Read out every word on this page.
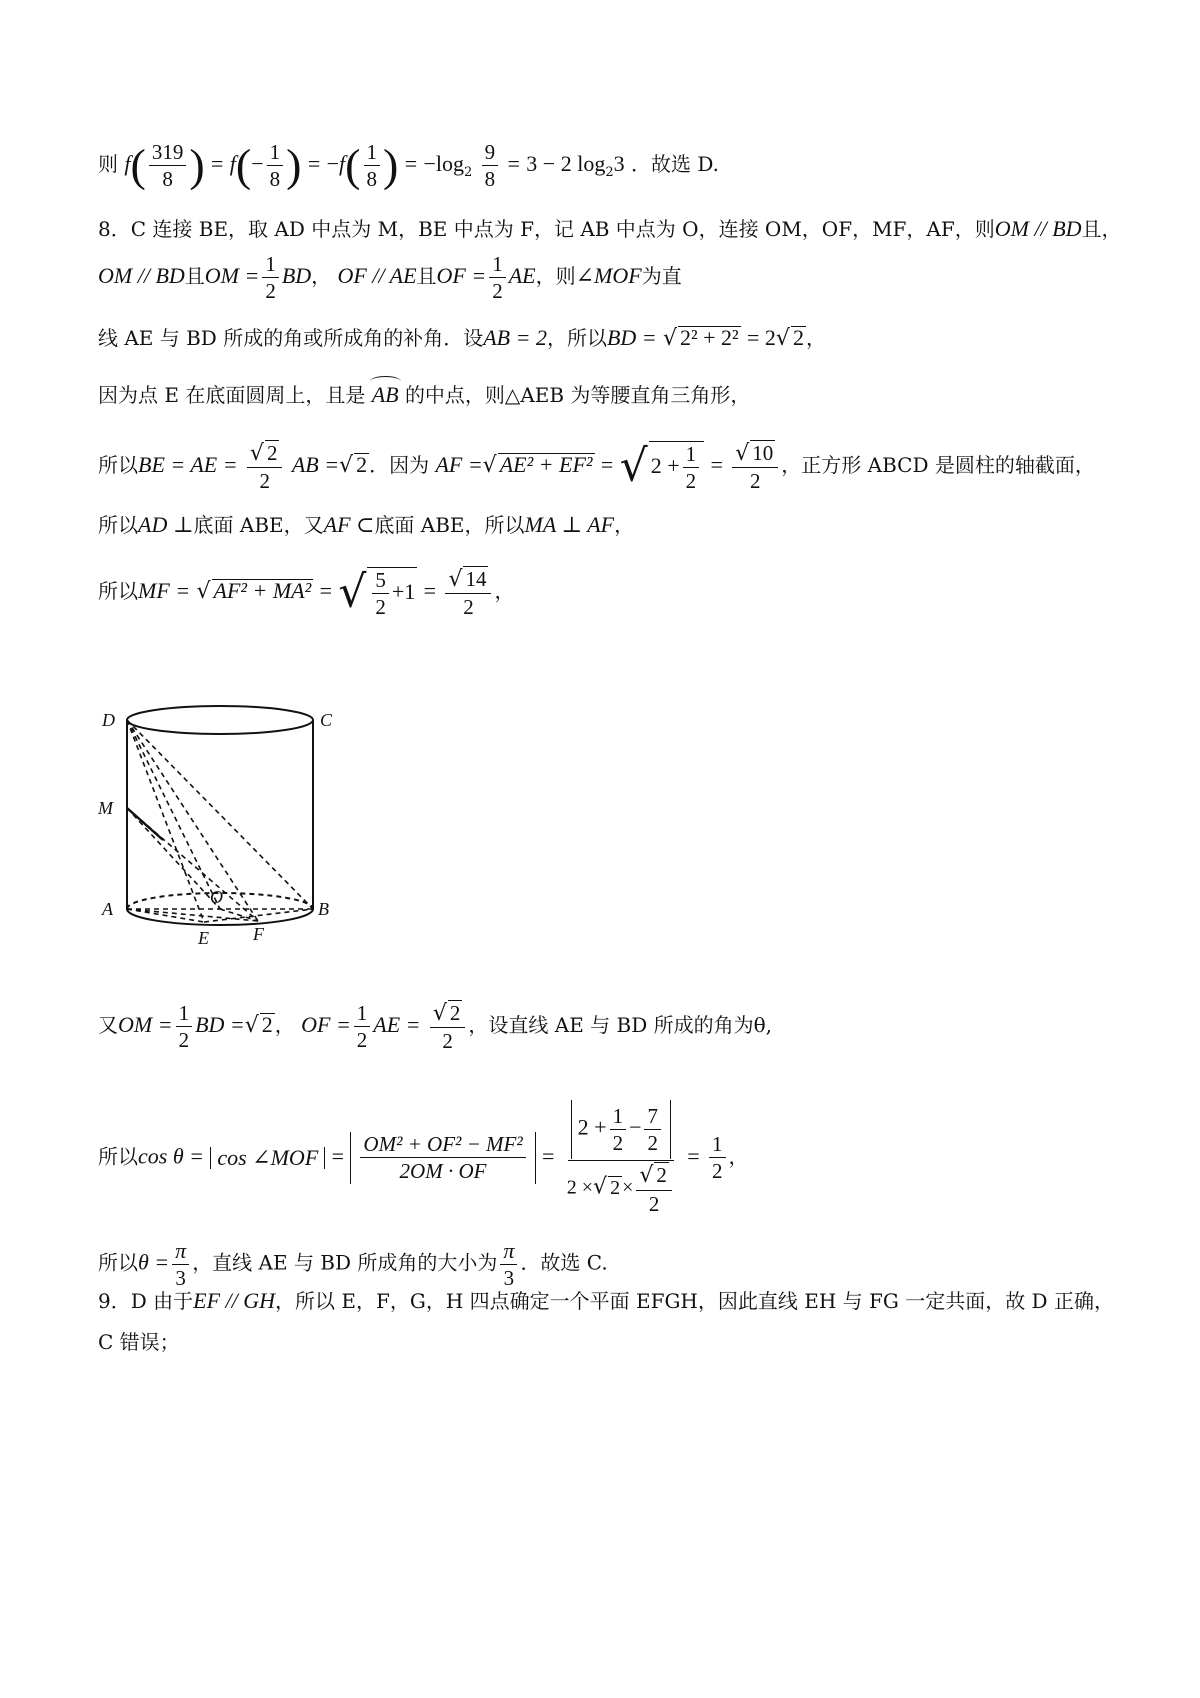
则 $f( \frac{319}{8}$ ) = $f(- \frac{1}{8}$ ) = $-f( \frac{1}{8}$ ) = $-\log_2 \frac{9}{8} = 3 - 2$ $\log_23$ ．故选 D.
8．C 连接 BE，取 AD 中点为 M，BE 中点为 F，记 AB 中点为 O，连接 OM，OF，MF，AF，则OM // BD且，
OM // BD且OM = $\frac{1}{2}$ BD， OF // AE且OF = $\frac{1}{2}$ AE，则∠MOF为直
线 AE 与 BD 所成的角或所成角的补角．设AB = 2，所以BD = √ 2² + 2² = 2√ 2 ，
因为点 E 在底面圆周上，且是 AB 的中点，则△AEB 为等腰直角三角形，
所以BE = AE = $\frac{√ 2}{2}$ AB =√ 2 ．因为 AF =√ AE² + EF² = √ $2 + \frac{1}{2} = \frac{√ 10}{2}$ ，正方形 ABCD 是圆柱的轴截面，
所以AD ⊥底面 ABE，又AF ⊂底面 ABE，所以MA ⊥ AF，
所以MF = √ AF² + MA² = √ $\frac{5}{2} +1 = \frac{√ 14}{2}$ ，
D	C
M
A	B
O
E F
又OM = $\frac{1}{2}$ BD =√ 2 ， OF = $\frac{1}{2}$ AE = $\frac{√ 2}{2}$ ，设直线 AE 与 BD 所成的角为θ,
所以cos θ = cos ∠MOF = $\frac{\text{OM² + OF² − MF²}}{2OM \cdot OF} = \frac{2 + \frac{1}{2} - \frac{7}{2}}{2 \times√ 2 \times \frac{√ 2}{2}} = \frac{1}{2}$ ，
所以$\theta = \frac{\pi}{3}$ ，直线 AE 与 BD 所成角的大小为 $\frac{\pi}{3}$ ．故选 C.
9．D 由于EF // GH，所以 E，F，G，H 四点确定一个平面 EFGH，因此直线 EH 与 FG 一定共面，故 D 正确，
C 错误；
